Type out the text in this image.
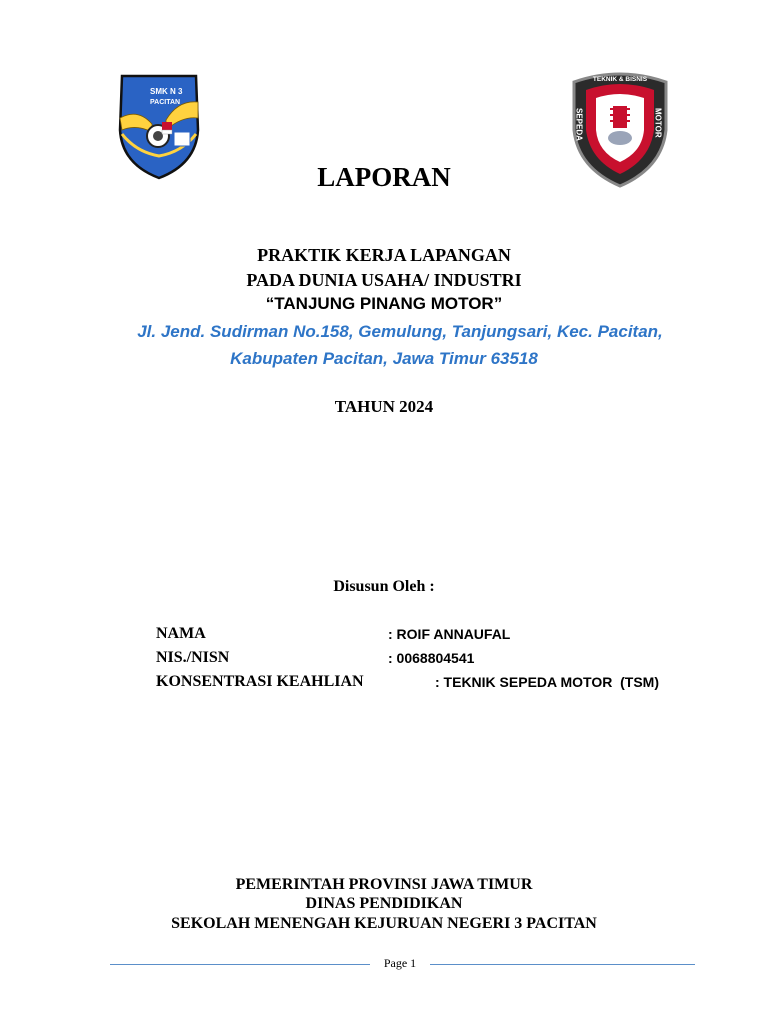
SMK N 3
PACITAN
TEKNIK & BISNIS
SEPEDA	MOTOR
LAPORAN
PRAKTIK KERJA LAPANGAN
PADA DUNIA USAHA/ INDUSTRI
“TANJUNG PINANG MOTOR”
Jl. Jend. Sudirman No.158, Gemulung, Tanjungsari, Kec. Pacitan,
Kabupaten Pacitan, Jawa Timur 63518
TAHUN 2024
Disusun Oleh :
NAMA	: ROIF ANNAUFAL
NIS./NISN	: 0068804541
KONSENTRASI KEAHLIAN	: TEKNIK SEPEDA MOTOR  (TSM)
PEMERINTAH PROVINSI JAWA TIMUR
DINAS PENDIDIKAN
SEKOLAH MENENGAH KEJURUAN NEGERI 3 PACITAN
Page 1
